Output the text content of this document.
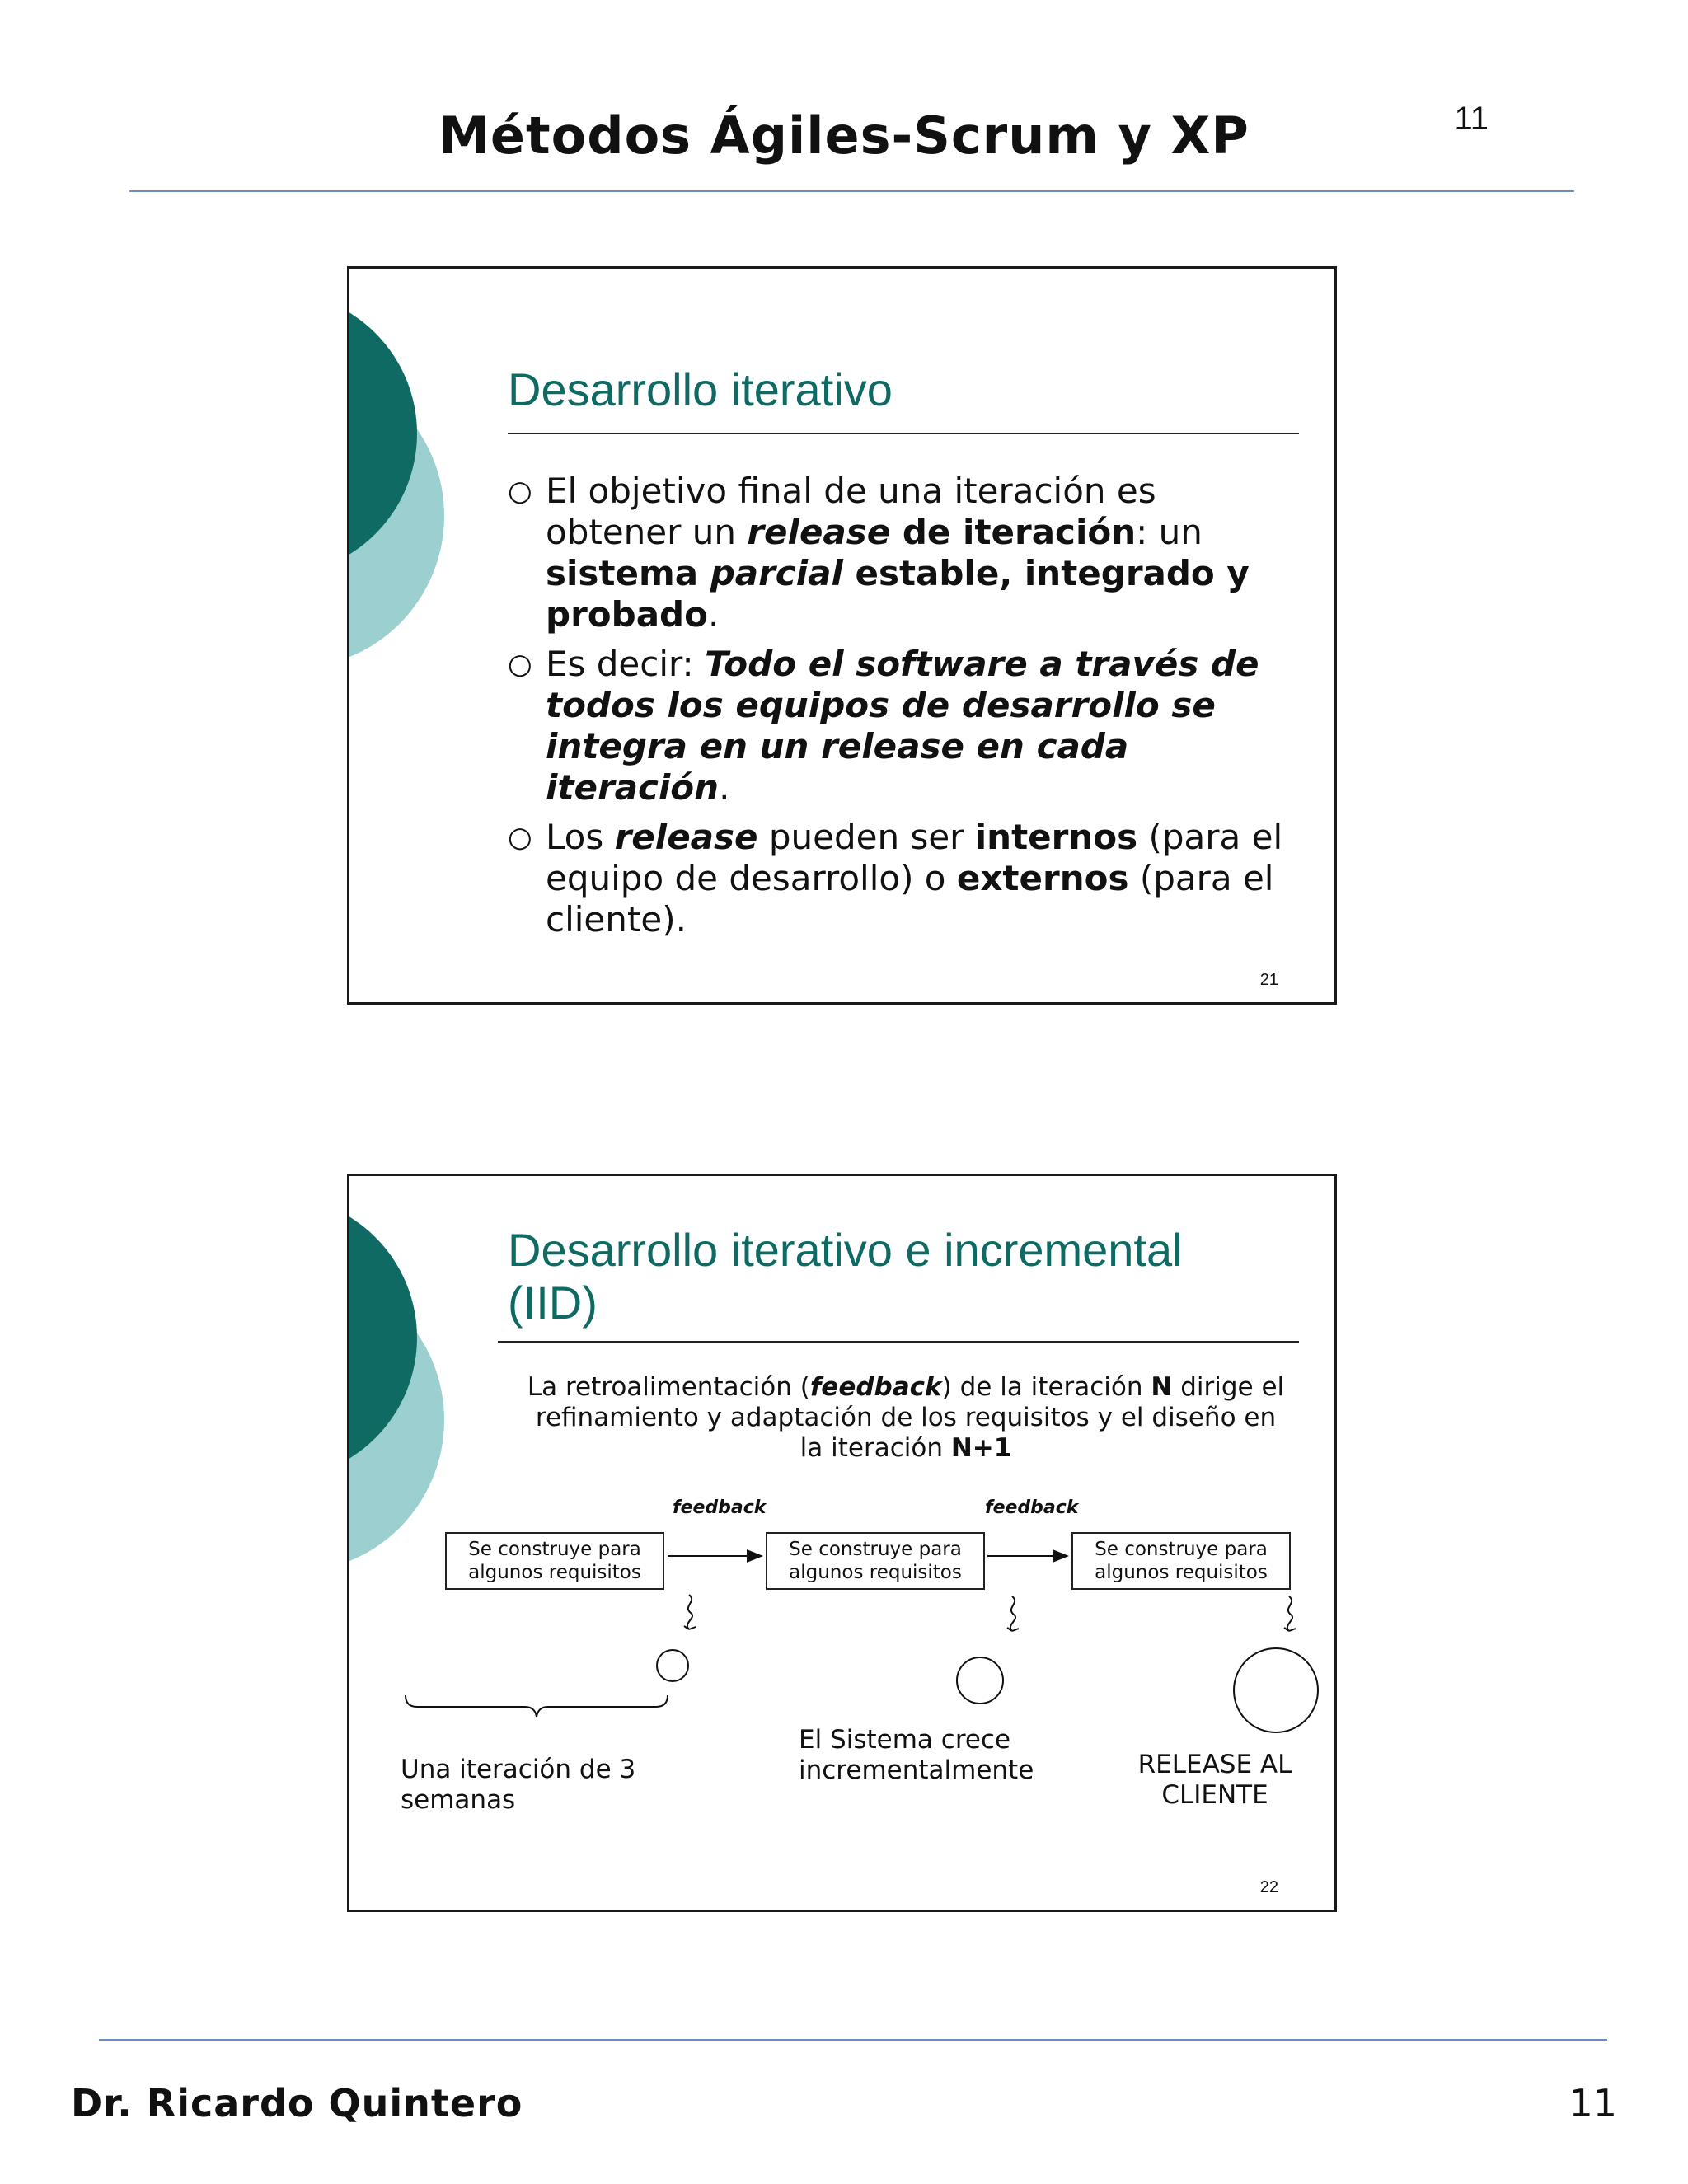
Métodos Ágiles-Scrum y XP	11
Desarrollo iterativo
○ El objetivo final de una iteración es obtener un release de iteración: un sistema parcial estable, integrado y probado.
○ Es decir: Todo el software a través de todos los equipos de desarrollo se integra en un release en cada iteración.
○ Los release pueden ser internos (para el equipo de desarrollo) o externos (para el cliente).
21
Desarrollo iterativo e incremental
(IID)
La retroalimentación (feedback) de la iteración N dirige el refinamiento y adaptación de los requisitos y el diseño en la iteración N+1
feedback	feedback
Se construye para algunos requisitos
Se construye para algunos requisitos
Se construye para algunos requisitos
Una iteración de 3 semanas
El Sistema crece incrementalmente	RELEASE AL CLIENTE
22
Dr. Ricardo Quintero	11
